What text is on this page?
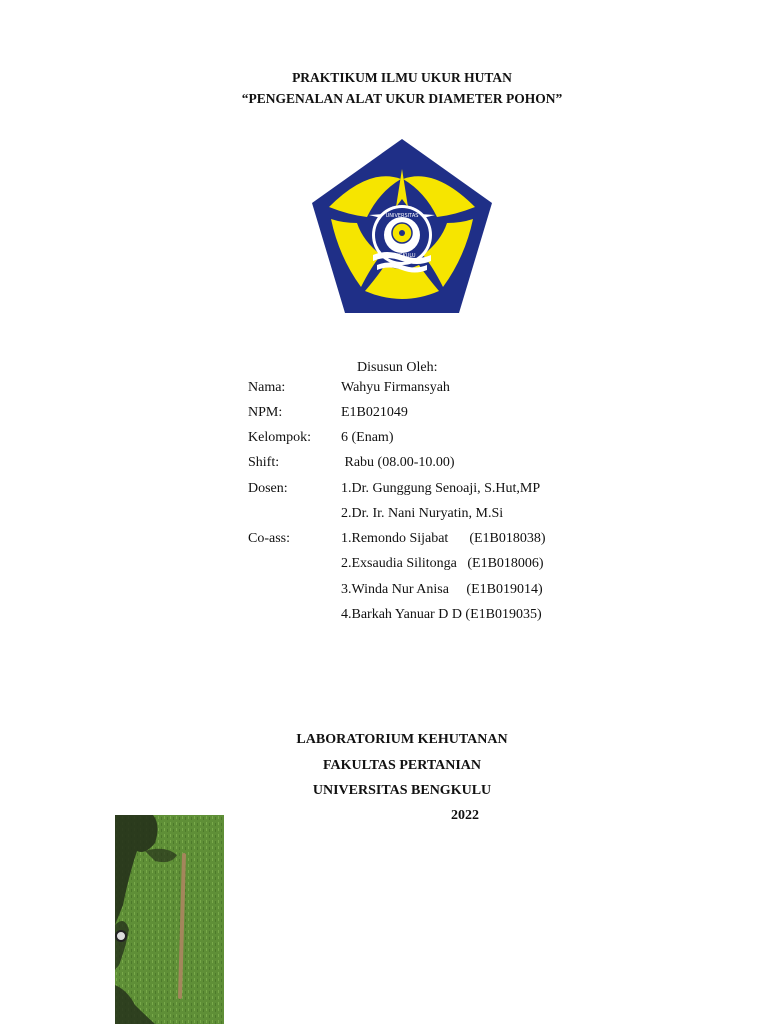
PRAKTIKUM ILMU UKUR HUTAN
“PENGENALAN ALAT UKUR DIAMETER POHON”
UNIVERSITAS
BENGKULU
Disusun Oleh:
Nama:	Wahyu Firmansyah
NPM:	E1B021049
Kelompok: 6 (Enam)
Shift:	Rabu (08.00-10.00)
Dosen:	1.Dr. Gunggung Senoaji, S.Hut,MP
2.Dr. Ir. Nani Nuryatin, M.Si
Co-ass:	1.Remondo Sijabat      (E1B018038)
2.Exsaudia Silitonga   (E1B018006)
3.Winda Nur Anisa     (E1B019014)
4.Barkah Yanuar D D (E1B019035)
LABORATORIUM KEHUTANAN
FAKULTAS PERTANIAN
UNIVERSITAS BENGKULU
2022
